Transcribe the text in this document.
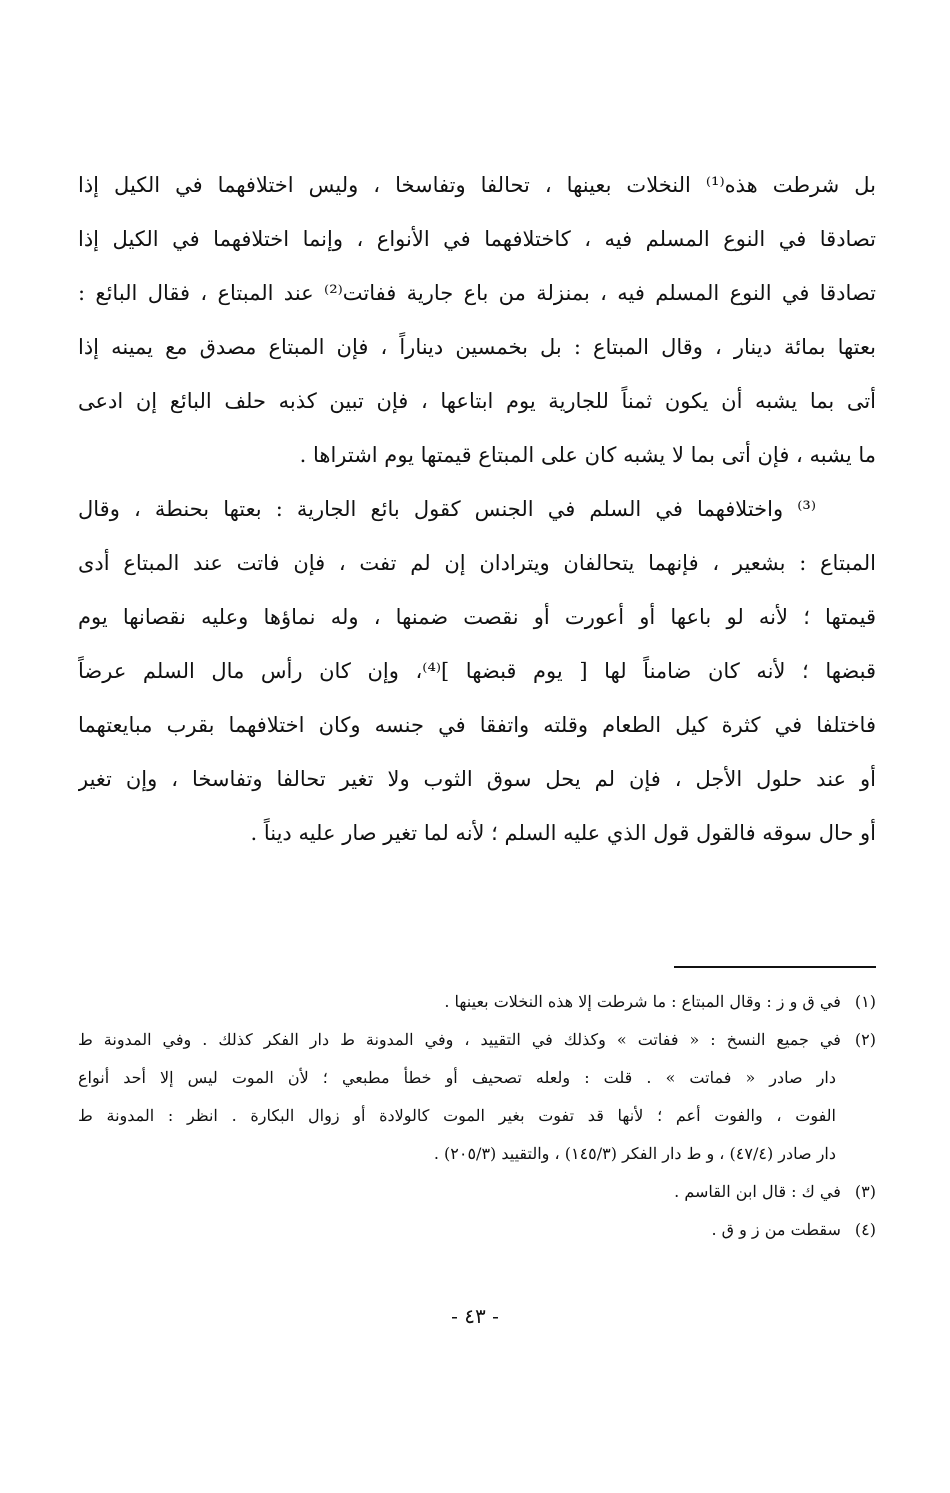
بل شرطت هذه⁽¹⁾ النخلات بعينها ، تحالفا وتفاسخا ، وليس اختلافهما في الكيل إذا
تصادقا في النوع المسلم فيه ، كاختلافهما في الأنواع ، وإنما اختلافهما في الكيل إذا
تصادقا في النوع المسلم فيه ، بمنزلة من باع جارية ففاتت⁽²⁾ عند المبتاع ، فقال البائع :
بعتها بمائة دينار ، وقال المبتاع : بل بخمسين ديناراً ، فإن المبتاع مصدق مع يمينه إذا
أتى بما يشبه أن يكون ثمناً للجارية يوم ابتاعها ، فإن تبين كذبه حلف البائع إن ادعى
ما يشبه ، فإن أتى بما لا يشبه كان على المبتاع قيمتها يوم اشتراها .
⁽³⁾ واختلافهما في السلم في الجنس كقول بائع الجارية : بعتها بحنطة ، وقال
المبتاع : بشعير ، فإنهما يتحالفان ويترادان إن لم تفت ، فإن فاتت عند المبتاع أدى
قيمتها ؛ لأنه لو باعها أو أعورت أو نقصت ضمنها ، وله نماؤها وعليه نقصانها يوم
قبضها ؛ لأنه كان ضامناً لها [ يوم قبضها ]⁽⁴⁾، وإن كان رأس مال السلم عرضاً
فاختلفا في كثرة كيل الطعام وقلته واتفقا في جنسه وكان اختلافهما بقرب مبايعتهما
أو عند حلول الأجل ، فإن لم يحل سوق الثوب ولا تغير تحالفا وتفاسخا ، وإن تغير
أو حال سوقه فالقول قول الذي عليه السلم ؛ لأنه لما تغير صار عليه ديناً .
(١)في ق و ز : وقال المبتاع : ما شرطت إلا هذه النخلات بعينها .
(٢)في جميع النسخ : « ففاتت » وكذلك في التقييد ، وفي المدونة ط دار الفكر كذلك . وفي المدونة ط
دار صادر « فماتت » . قلت : ولعله تصحيف أو خطأ مطبعي ؛ لأن الموت ليس إلا أحد أنواع
الفوت ، والفوت أعم ؛ لأنها قد تفوت بغير الموت كالولادة أو زوال البكارة . انظر : المدونة ط
دار صادر (٤٧/٤) ، و ط دار الفكر (١٤٥/٣) ، والتقييد (٢٠٥/٣) .
(٣)في ك : قال ابن القاسم .
(٤)سقطت من ز و ق .
- ٤٣ -
